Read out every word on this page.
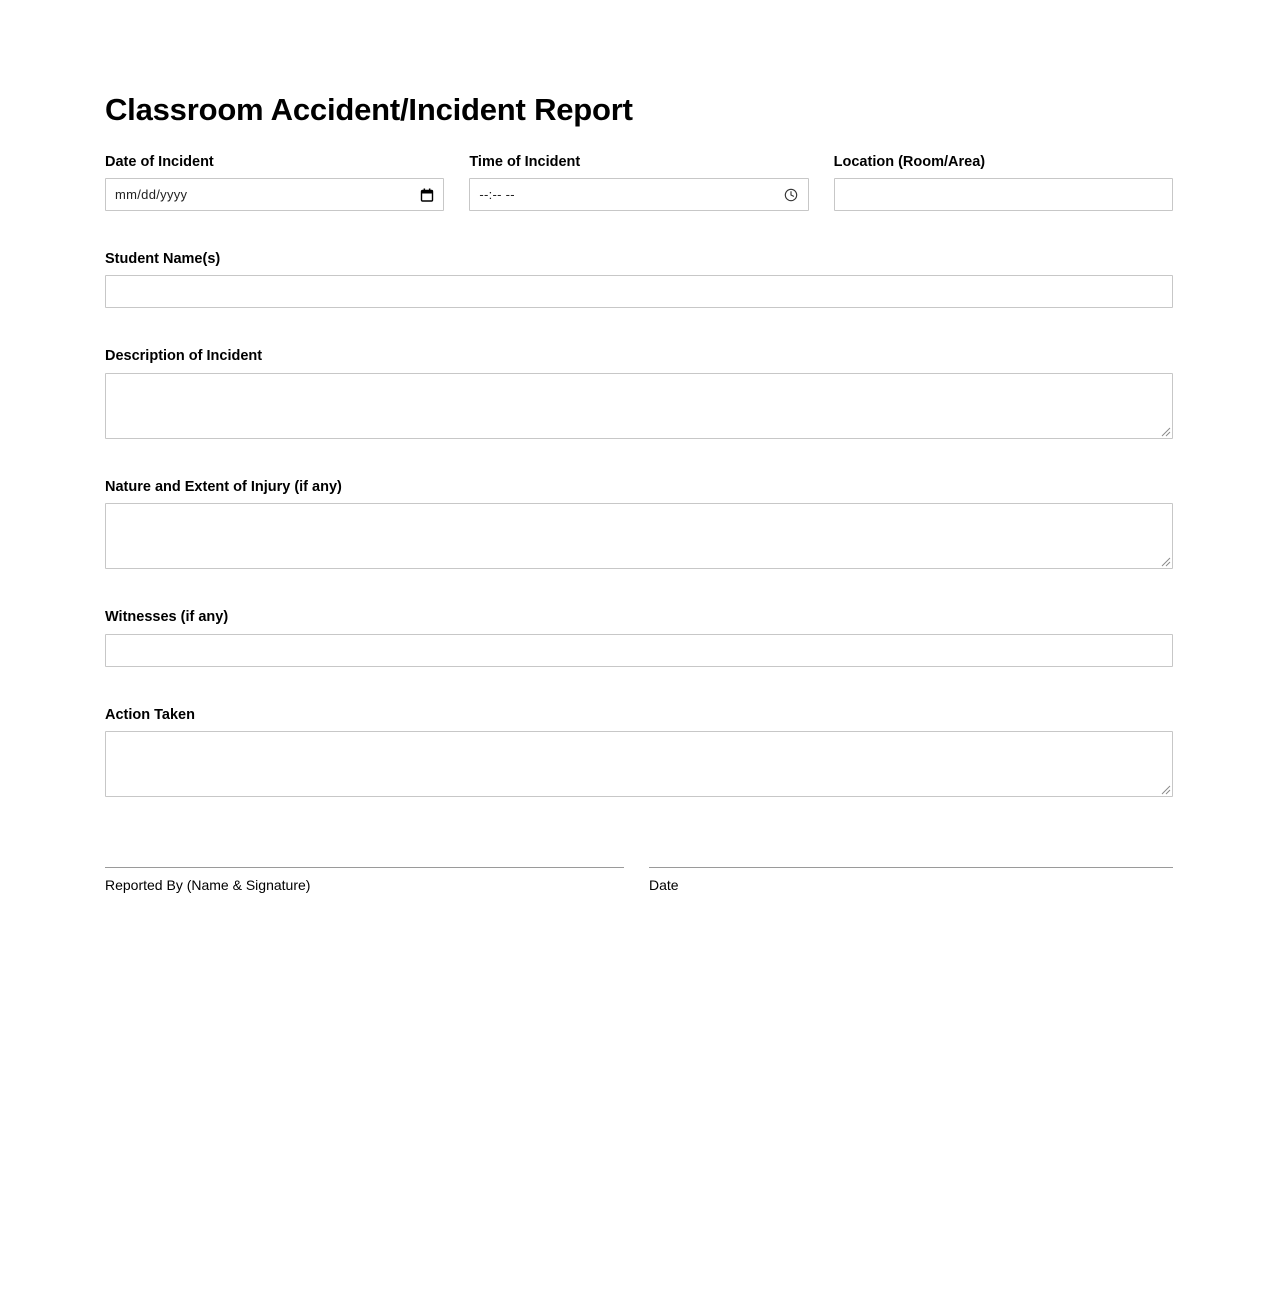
Classroom Accident/Incident Report
Date of Incident
mm/dd/yyyy
Time of Incident
--:-- --
Location (Room/Area)
Student Name(s)
Description of Incident
Nature and Extent of Injury (if any)
Witnesses (if any)
Action Taken
Reported By (Name & Signature)	Date
